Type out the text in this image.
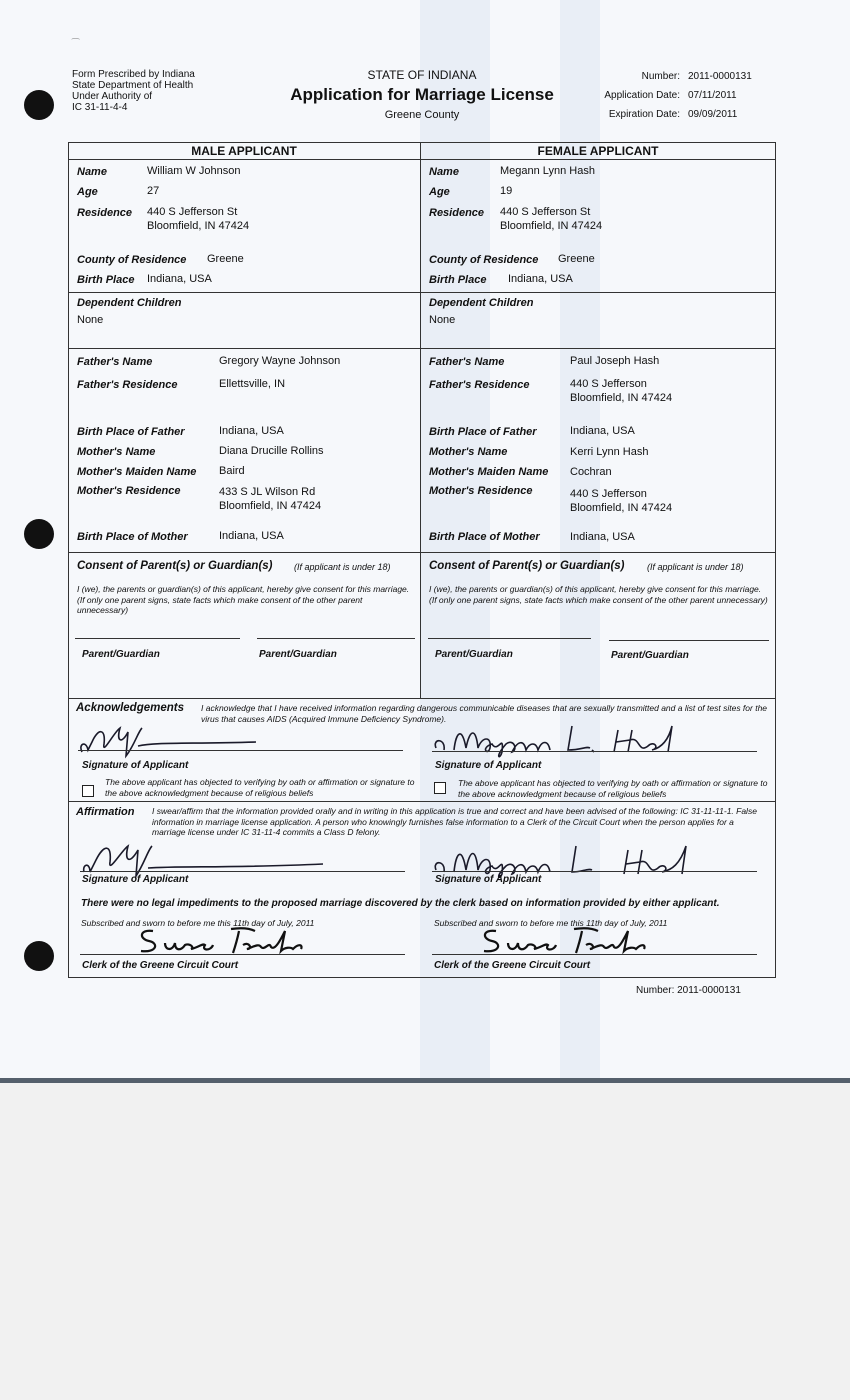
⁀
Form Prescribed by Indiana
State Department of Health
Under Authority of
IC 31-11-4-4
STATE OF INDIANA
Application for Marriage License
Greene County
Number: 2011-0000131
Application Date: 07/11/2011
Expiration Date: 09/09/2011
MALE APPLICANT	FEMALE APPLICANT
Name	William W Johnson
Age	27
Residence 440 S Jefferson St
Bloomfield, IN 47424
County of Residence Greene
Birth Place Indiana, USA
Dependent Children
None
Father's Name	Gregory Wayne Johnson
Father's Residence	Ellettsville, IN
Birth Place of Father	Indiana, USA
Mother's Name	Diana Drucille Rollins
Mother's Maiden Name Baird
Mother's Residence	433 S JL Wilson Rd
Bloomfield, IN 47424
Birth Place of Mother	Indiana, USA
Name	Megann Lynn Hash
Age	19
Residence 440 S Jefferson St
Bloomfield, IN 47424
County of Residence Greene
Birth Place Indiana, USA
Dependent Children
None
Father's Name	Paul Joseph Hash
Father's Residence	440 S Jefferson
Bloomfield, IN 47424
Birth Place of Father	Indiana, USA
Mother's Name	Kerri Lynn Hash
Mother's Maiden Name Cochran
Mother's Residence	440 S Jefferson
Bloomfield, IN 47424
Birth Place of Mother	Indiana, USA
Consent of Parent(s) or Guardian(s) (If applicant is under 18)
I (we), the parents or guardian(s) of this applicant, hereby give consent for this marriage. (If only one parent signs, state facts which make consent of the other parent unnecessary)
Parent/Guardian	Parent/Guardian
Consent of Parent(s) or Guardian(s) (If applicant is under 18)
I (we), the parents or guardian(s) of this applicant, hereby give consent for this marriage. (If only one parent signs, state facts which make consent of the other parent unnecessary)
Parent/Guardian	Parent/Guardian
Acknowledgements I acknowledge that I have received information regarding dangerous communicable diseases that are sexually transmitted and a list of test sites for the virus that causes AIDS (Acquired Immune Deficiency Syndrome).
Signature of Applicant	Signature of Applicant
The above applicant has objected to verifying by oath or affirmation or signature to the above acknowledgment because of religious beliefs
The above applicant has objected to verifying by oath or affirmation or signature to the above acknowledgment because of religious beliefs
Affirmation I swear/affirm that the information provided orally and in writing in this application is true and correct and have been advised of the following: IC 31-11-11-1. False information in marriage license application. A person who knowingly furnishes false information to a Clerk of the Circuit Court when the person applies for a marriage license under IC 31-11-4 commits a Class D felony.
Signature of Applicant	Signature of Applicant
There were no legal impediments to the proposed marriage discovered by the clerk based on information provided by either applicant.
Subscribed and sworn to before me this 11th day of July, 2011	Subscribed and sworn to before me this 11th day of July, 2011
Clerk of the Greene Circuit Court	Clerk of the Greene Circuit Court
Number: 2011-0000131
